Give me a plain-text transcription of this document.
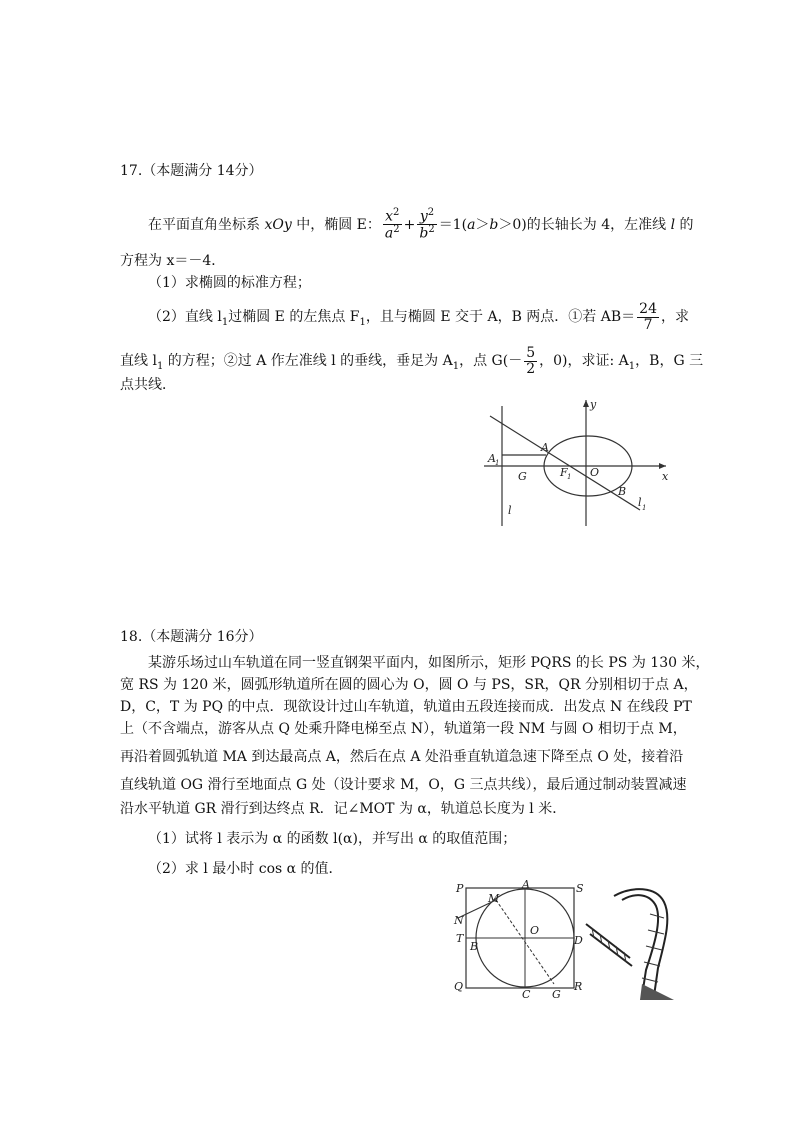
17.（本题满分 14分）
在平面直角坐标系 xOy 中，椭圆 E： $\frac{x^2}{a^2} + \frac{y^2}{b^2} =1(a>b>0)$的长轴长为 4，左准线 l 的
方程为 x＝－4．
（1）求椭圆的标准方程；
（2）直线 $l_1$过椭圆 E 的左焦点 $F_1$，且与椭圆 E 交于 A，B 两点．①若 $AB= \frac{24}{7}$ ，求
直线 $l_1$ 的方程；②过 A 作左准线 l 的垂线，垂足为 $A_1$，点 $G(- \frac{5}{2}$ ，0)，求证: $A_1$，B，G 三
点共线．
y
x
A
A 1
F 1 O
G
B
l
l 1
18.（本题满分 16分）
某游乐场过山车轨道在同一竖直钢架平面内，如图所示，矩形 PQRS 的长 PS 为 130 米，
宽 RS 为 120 米，圆弧形轨道所在圆的圆心为 O，圆 O 与 PS，SR，QR 分别相切于点 A，
D，C，T 为 PQ 的中点．现欲设计过山车轨道，轨道由五段连接而成．出发点 N 在线段 PT
上（不含端点，游客从点 Q 处乘升降电梯至点 N），轨道第一段 NM 与圆 O 相切于点 M，
再沿着圆弧轨道 MA 到达最高点 A，然后在点 A 处沿垂直轨道急速下降至点 O 处，接着沿
直线轨道 OG 滑行至地面点 G 处（设计要求 M，O，G 三点共线），最后通过制动装置减速
沿水平轨道 GR 滑行到达终点 R．记∠MOT 为 α，轨道总长度为 l 米．
（1）试将 l 表示为 α 的函数 l(α)，并写出 α 的取值范围；
（2）求 l 最小时 cos α 的值．
P	A	S
M
N
T
O
D
B
Q
C G
R
